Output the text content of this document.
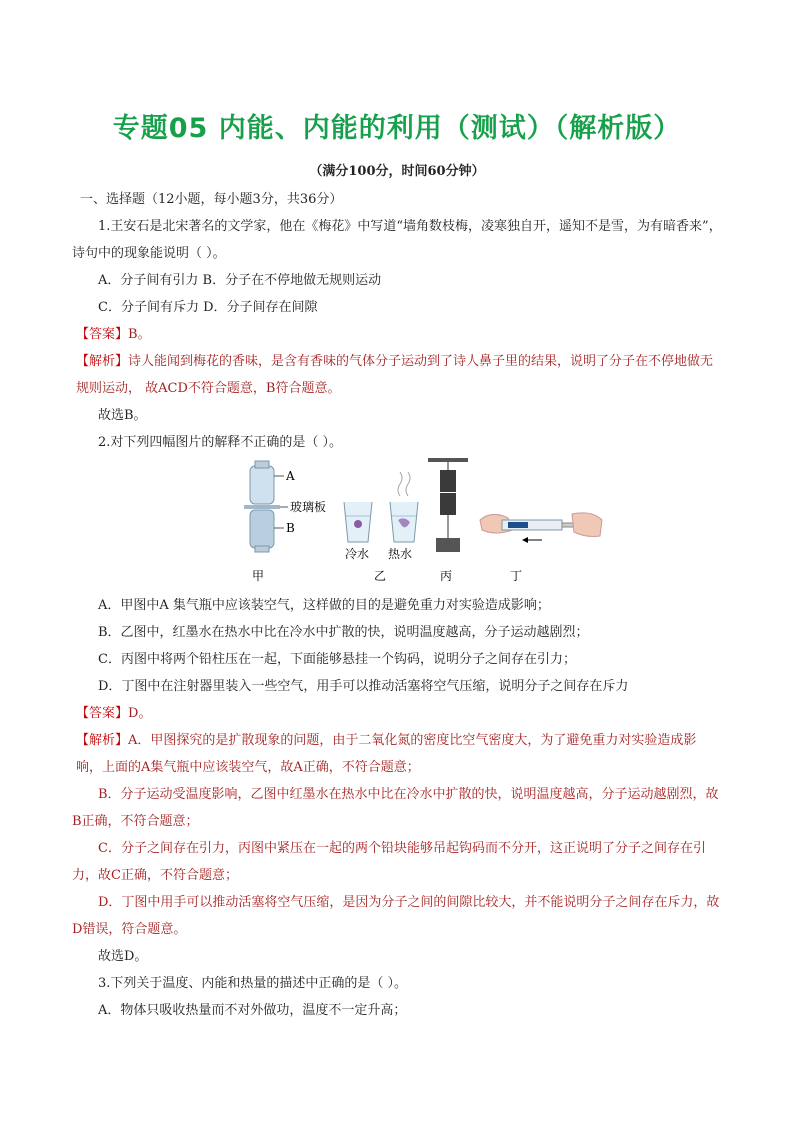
专题05 内能、内能的利用（测试）（解析版）
（满分100分，时间60分钟）

一、选择题（12小题，每小题3分，共36分）

1.王安石是北宋著名的文学家，他在《梅花》中写道“墙角数枝梅，凌寒独自开，遥知不是雪，为有暗香来”，诗句中的现象能说明（ ）。

A．分子间有引力 B．分子在不停地做无规则运动

C．分子间有斥力 D．分子间存在间隙

【答案】B。

【解析】诗人能闻到梅花的香味，是含有香味的气体分子运动到了诗人鼻子里的结果，说明了分子在不停地做无规则运动， 故ACD不符合题意，B符合题意。

故选B。

2.对下列四幅图片的解释不正确的是（ ）。

A
玻璃板
B
甲
冷水 热水
乙	丙	丁

A．甲图中A 集气瓶中应该装空气，这样做的目的是避免重力对实验造成影响；

B．乙图中，红墨水在热水中比在冷水中扩散的快，说明温度越高，分子运动越剧烈；

C．丙图中将两个铅柱压在一起，下面能够悬挂一个钩码，说明分子之间存在引力；

D．丁图中在注射器里装入一些空气，用手可以推动活塞将空气压缩，说明分子之间存在斥力

【答案】D。

【解析】A．甲图探究的是扩散现象的问题，由于二氧化氮的密度比空气密度大，为了避免重力对实验造成影响，上面的A集气瓶中应该装空气，故A正确，不符合题意；

B．分子运动受温度影响，乙图中红墨水在热水中比在冷水中扩散的快，说明温度越高，分子运动越剧烈，故B正确，不符合题意；

C．分子之间存在引力，丙图中紧压在一起的两个铅块能够吊起钩码而不分开，这正说明了分子之间存在引力，故C正确，不符合题意；

D．丁图中用手可以推动活塞将空气压缩，是因为分子之间的间隙比较大，并不能说明分子之间存在斥力，故D错误，符合题意。

故选D。

3.下列关于温度、内能和热量的描述中正确的是（ ）。

A．物体只吸收热量而不对外做功，温度不一定升高；
